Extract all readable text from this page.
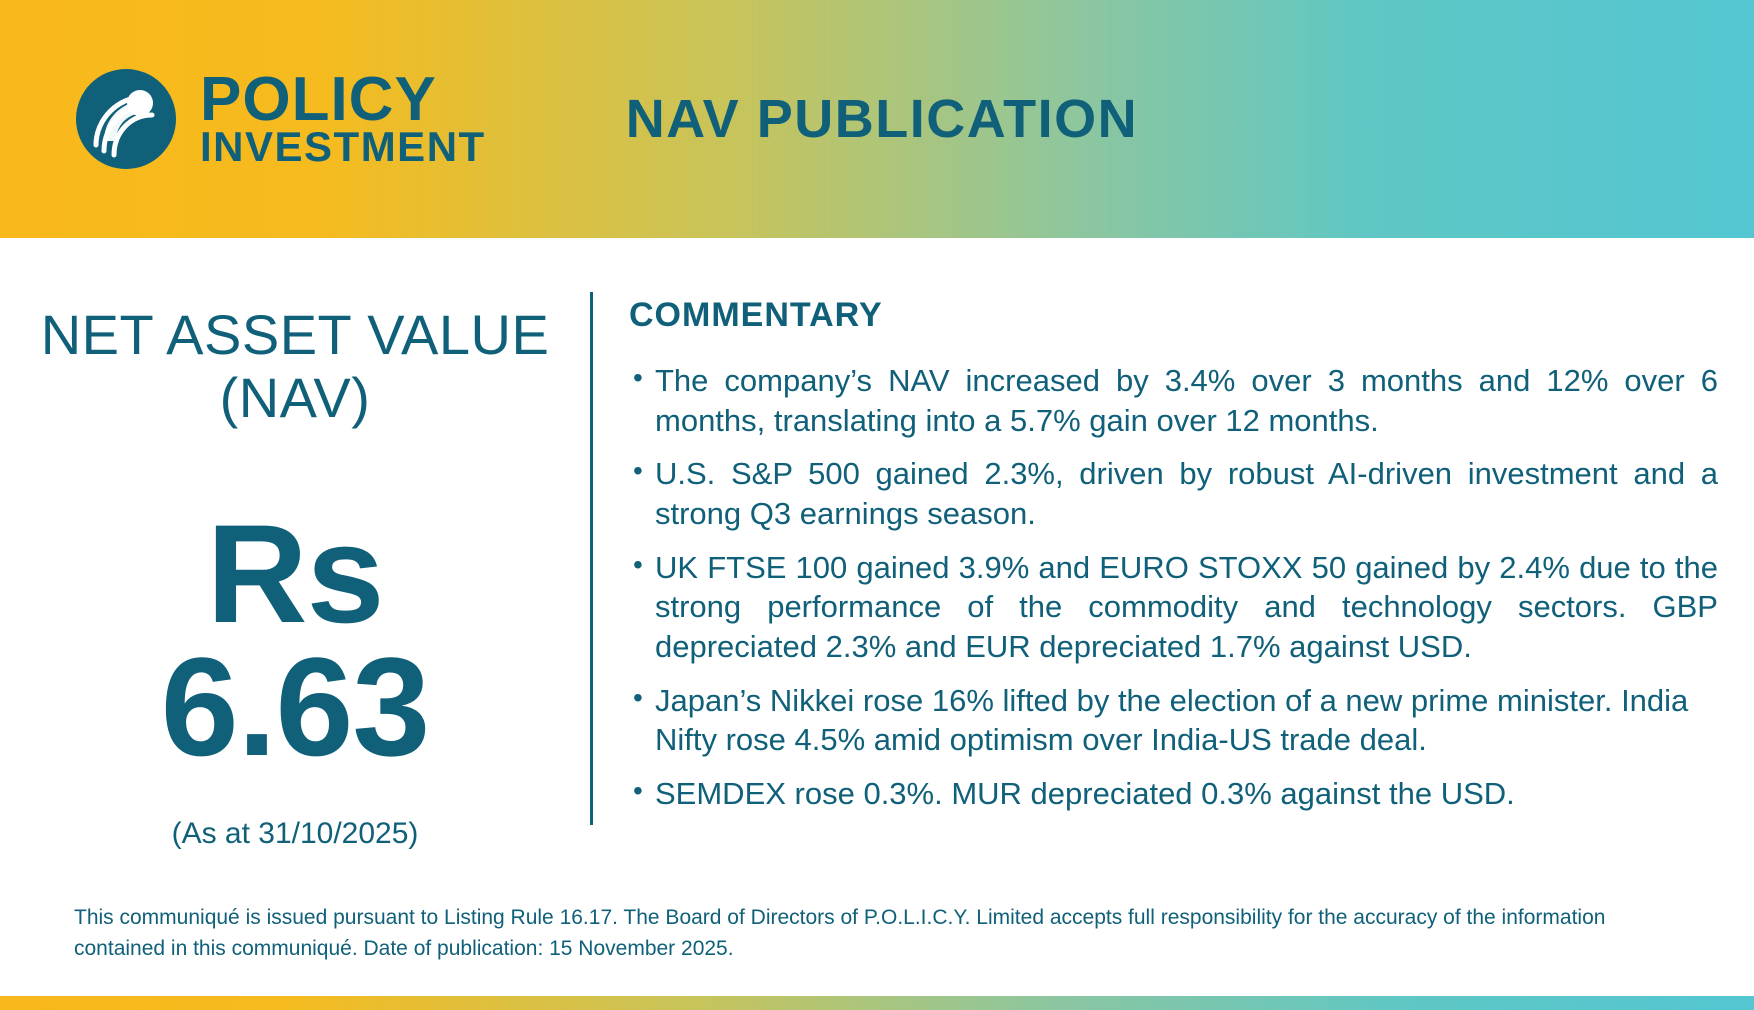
POLICY
INVESTMENT	NAV PUBLICATION
NET ASSET VALUE (NAV)
Rs
6.63
(As at 31/10/2025)
COMMENTARY
• The company’s NAV increased by 3.4% over 3 months and 12% over 6 months, translating into a 5.7% gain over 12 months.
• U.S. S&P 500 gained 2.3%, driven by robust AI-driven investment and a strong Q3 earnings season.
• UK FTSE 100 gained 3.9% and EURO STOXX 50 gained by 2.4% due to the strong performance of the commodity and technology sectors. GBP depreciated 2.3% and EUR depreciated 1.7% against USD.
• Japan’s Nikkei rose 16% lifted by the election of a new prime minister. India Nifty rose 4.5% amid optimism over India-US trade deal.
• SEMDEX rose 0.3%. MUR depreciated 0.3% against the USD.
This communiqué is issued pursuant to Listing Rule 16.17. The Board of Directors of P.O.L.I.C.Y. Limited accepts full responsibility for the accuracy of the information contained in this communiqué. Date of publication: 15 November 2025.
